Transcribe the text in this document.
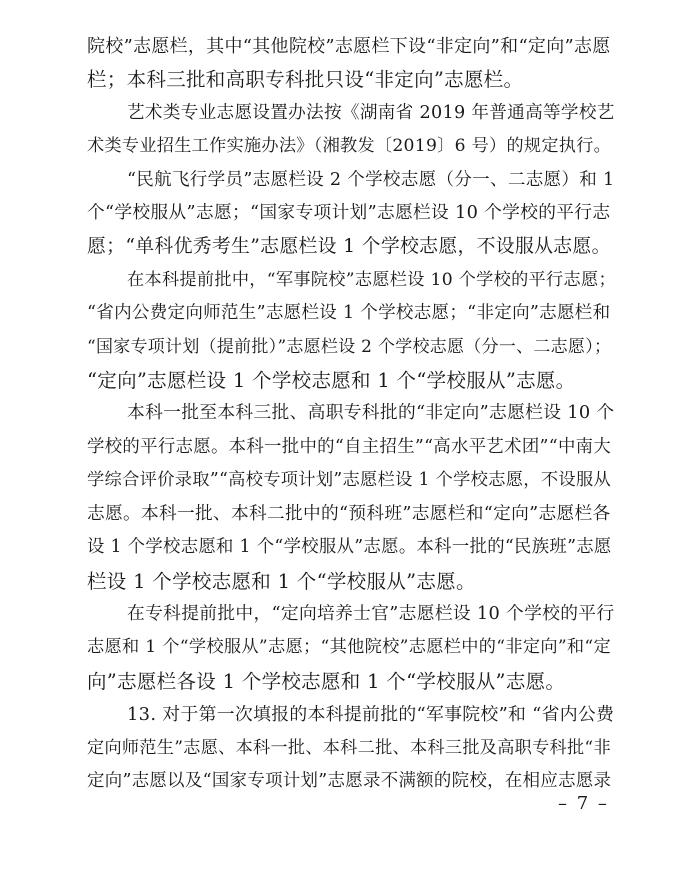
院校”志愿栏，其中“其他院校”志愿栏下设“非定向”和“定向”志愿
栏；本科三批和高职专科批只设“非定向”志愿栏。
艺术类专业志愿设置办法按《湖南省 2019 年普通高等学校艺
术类专业招生工作实施办法》（湘教发〔2019〕6 号）的规定执行。
“民航飞行学员”志愿栏设 2 个学校志愿（分一、二志愿）和 1
个“学校服从”志愿；“国家专项计划”志愿栏设 10 个学校的平行志
愿；“单科优秀考生”志愿栏设 1 个学校志愿，不设服从志愿。
在本科提前批中，“军事院校”志愿栏设 10 个学校的平行志愿；
“省内公费定向师范生”志愿栏设 1 个学校志愿；“非定向”志愿栏和
“国家专项计划（提前批）”志愿栏设 2 个学校志愿（分一、二志愿）；
“定向”志愿栏设 1 个学校志愿和 1 个“学校服从”志愿。
本科一批至本科三批、高职专科批的“非定向”志愿栏设 10 个
学校的平行志愿。本科一批中的“自主招生”“高水平艺术团”“中南大
学综合评价录取”“高校专项计划”志愿栏设 1 个学校志愿，不设服从
志愿。本科一批、本科二批中的“预科班”志愿栏和“定向”志愿栏各
设 1 个学校志愿和 1 个“学校服从”志愿。本科一批的“民族班”志愿
栏设 1 个学校志愿和 1 个“学校服从”志愿。
在专科提前批中，“定向培养士官”志愿栏设 10 个学校的平行
志愿和 1 个“学校服从”志愿；“其他院校”志愿栏中的“非定向”和“定
向”志愿栏各设 1 个学校志愿和 1 个“学校服从”志愿。
13. 对于第一次填报的本科提前批的“军事院校”和 “省内公费
定向师范生”志愿、本科一批、本科二批、本科三批及高职专科批“非
定向”志愿以及“国家专项计划”志愿录不满额的院校，在相应志愿录

– 7 –
